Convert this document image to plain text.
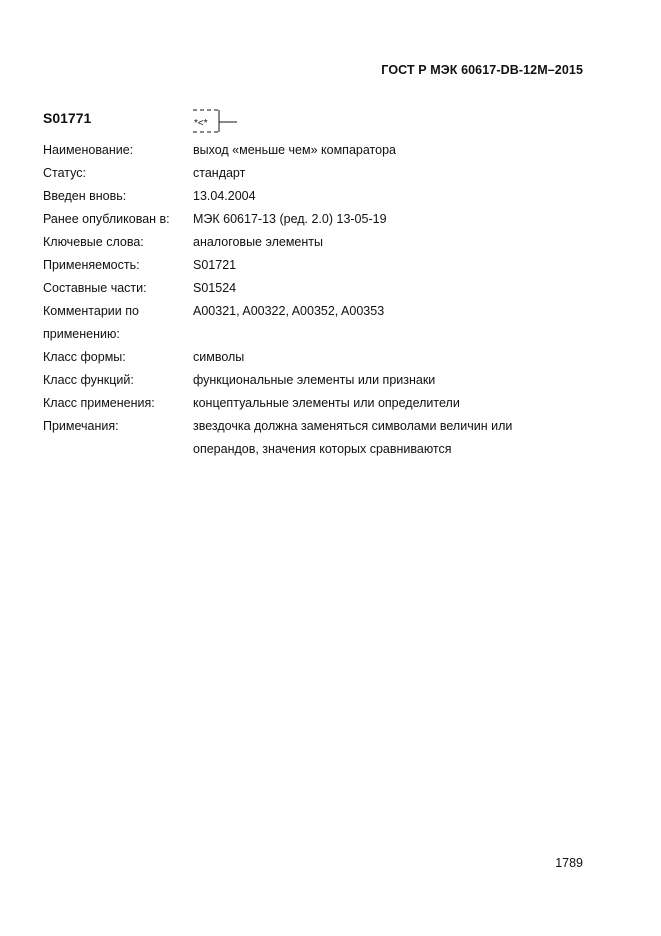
ГОСТ Р МЭК 60617-DB-12M–2015
S01771	*<*
Наименование:	выход «меньше чем» компаратора
Статус:	стандарт
Введен вновь:	13.04.2004
Ранее опубликован в:	МЭК 60617-13 (ред. 2.0) 13-05-19
Ключевые слова:	аналоговые элементы
Применяемость:	S01721
Составные части:	S01524
Комментарии по применению:
A00321, A00322, A00352, A00353
Класс формы:	символы
Класс функций:	функциональные элементы или признаки
Класс применения:	концептуальные элементы или определители
Примечания:	звездочка должна заменяться символами величин или операндов, значения которых сравниваются
1789
